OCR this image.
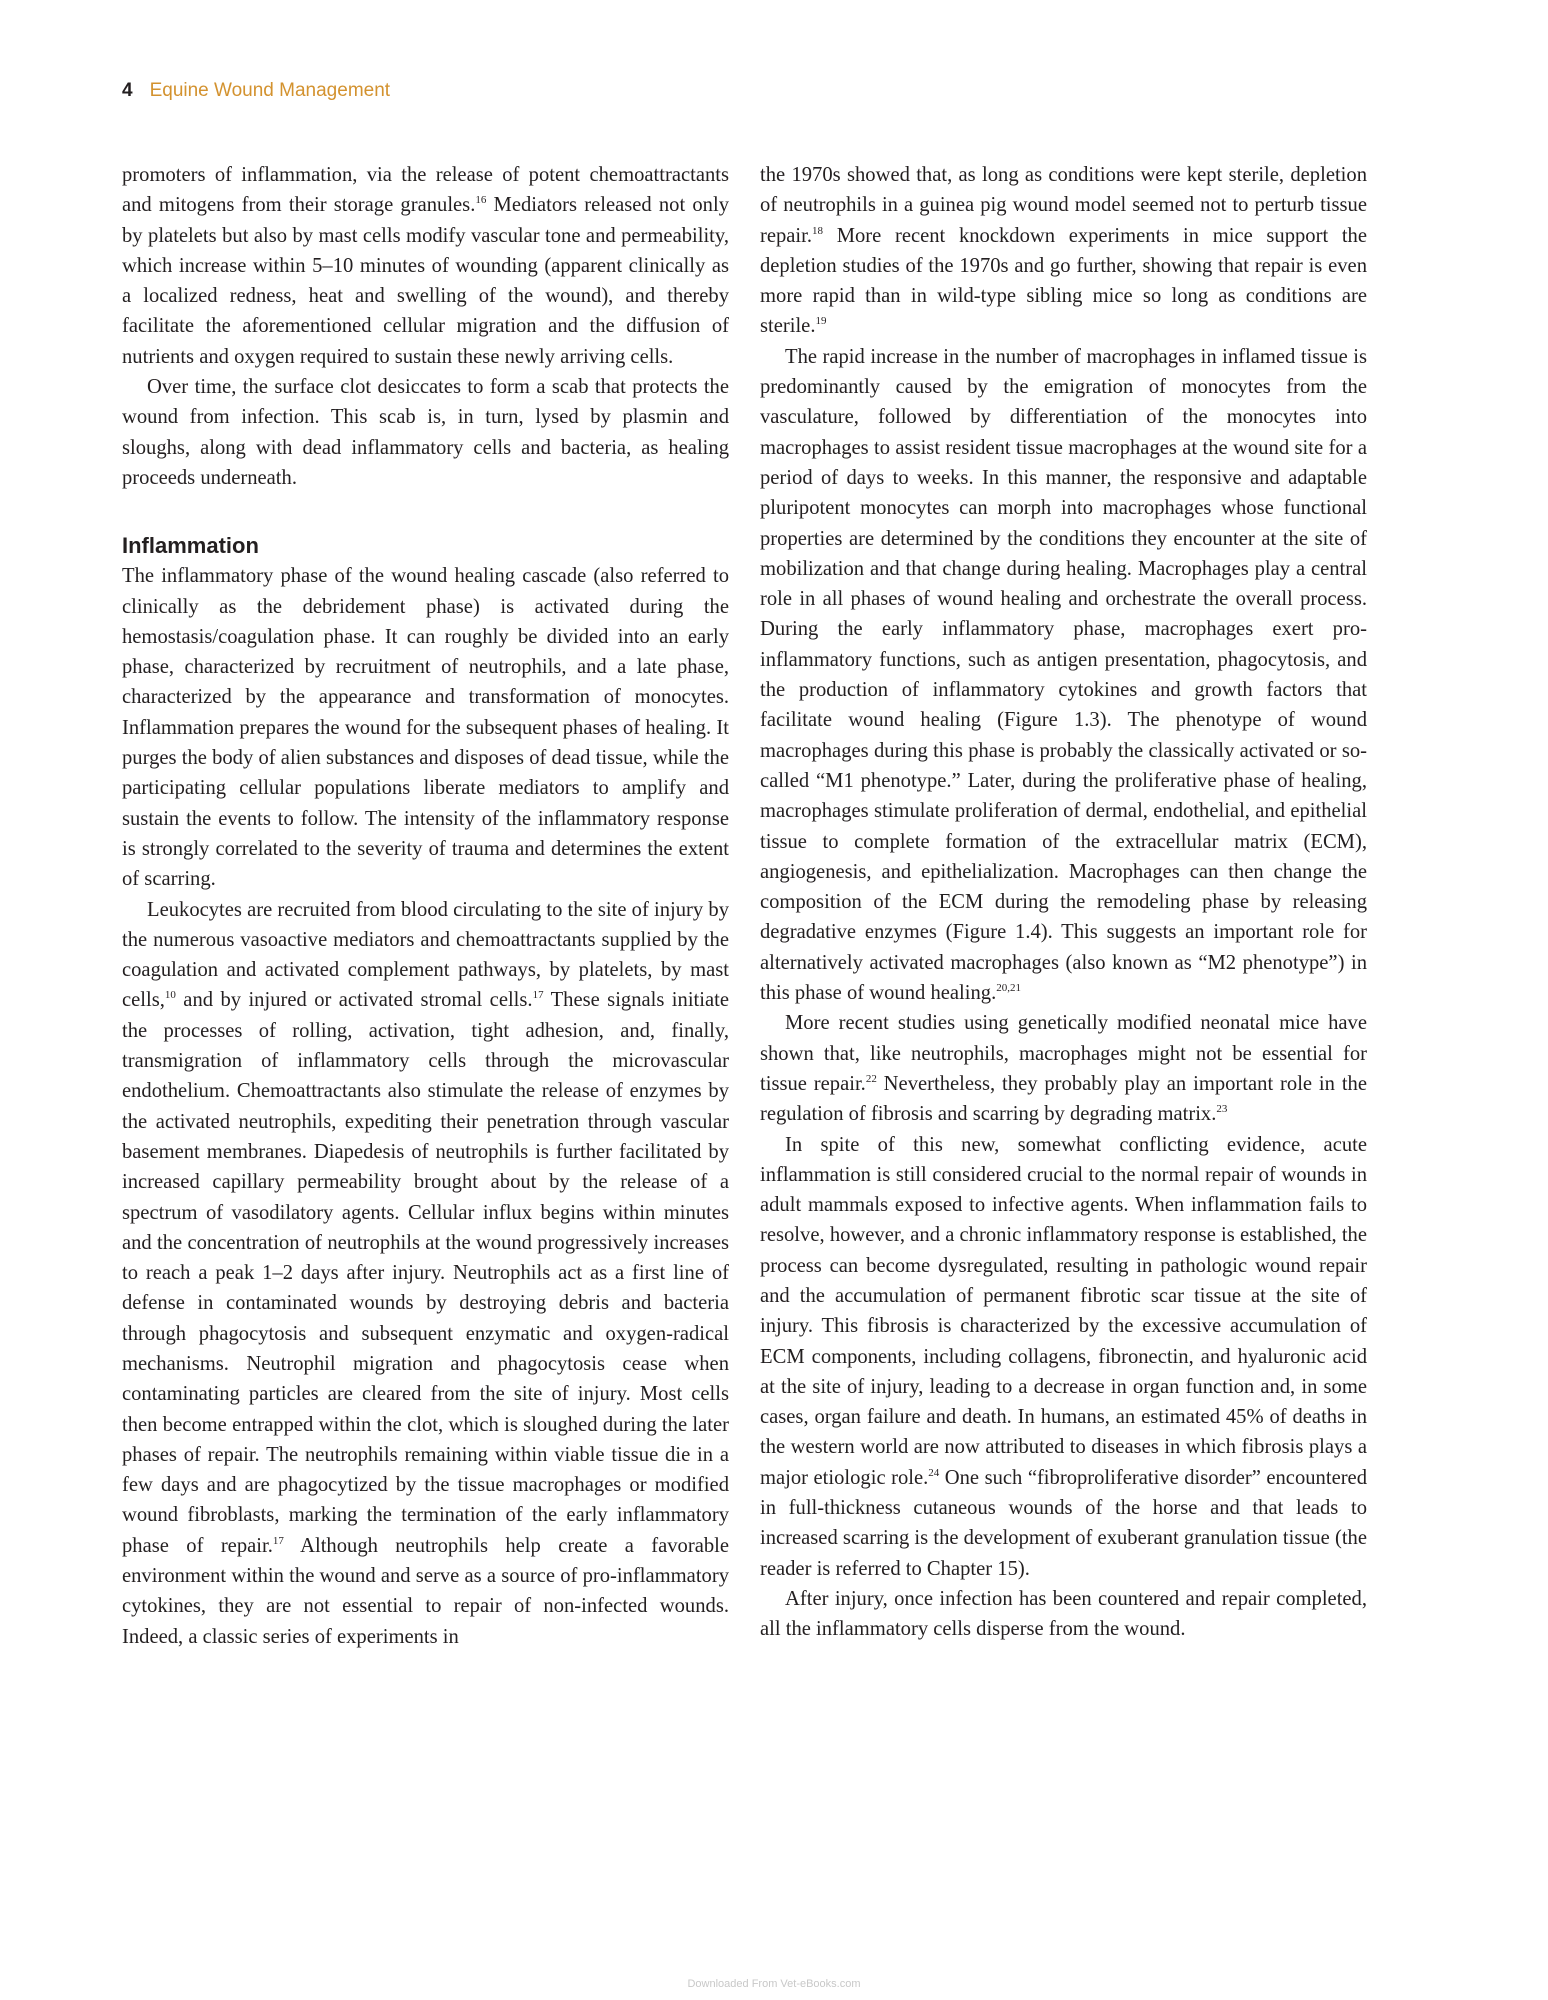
4 Equine Wound Management

promoters of inflammation, via the release of potent chemoattractants and mitogens from their storage granules.$^{16}$ Mediators released not only by platelets but also by mast cells modify vascular tone and permeability, which increase within 5–10 minutes of wounding (apparent clinically as a localized redness, heat and swelling of the wound), and thereby facilitate the aforementioned cellular migration and the diffusion of nutrients and oxygen required to sustain these newly arriving cells.

Over time, the surface clot desiccates to form a scab that protects the wound from infection. This scab is, in turn, lysed by plasmin and sloughs, along with dead inflammatory cells and bacteria, as healing proceeds underneath.

Inflammation

The inflammatory phase of the wound healing cascade (also referred to clinically as the debridement phase) is activated during the hemostasis/coagulation phase. It can roughly be divided into an early phase, characterized by recruitment of neutrophils, and a late phase, characterized by the appearance and transformation of monocytes. Inflammation prepares the wound for the subsequent phases of healing. It purges the body of alien substances and disposes of dead tissue, while the participating cellular populations liberate mediators to amplify and sustain the events to follow. The intensity of the inflammatory response is strongly correlated to the severity of trauma and determines the extent of scarring.

Leukocytes are recruited from blood circulating to the site of injury by the numerous vasoactive mediators and chemoattractants supplied by the coagulation and activated complement pathways, by platelets, by mast cells,$^{10}$ and by injured or activated stromal cells.$^{17}$ These signals initiate the processes of rolling, activation, tight adhesion, and, finally, transmigration of inflammatory cells through the microvascular endothelium. Chemoattractants also stimulate the release of enzymes by the activated neutrophils, expediting their penetration through vascular basement membranes. Diapedesis of neutrophils is further facilitated by increased capillary permeability brought about by the release of a spectrum of vasodilatory agents. Cellular influx begins within minutes and the concentration of neutrophils at the wound progressively increases to reach a peak 1–2 days after injury. Neutrophils act as a first line of defense in contaminated wounds by destroying debris and bacteria through phagocytosis and subsequent enzymatic and oxygen-radical mechanisms. Neutrophil migration and phagocytosis cease when contaminating particles are cleared from the site of injury. Most cells then become entrapped within the clot, which is sloughed during the later phases of repair. The neutrophils remaining within viable tissue die in a few days and are phagocytized by the tissue macrophages or modified wound fibroblasts, marking the termination of the early inflammatory phase of repair.$^{17}$ Although neutrophils help create a favorable environment within the wound and serve as a source of pro-inflammatory cytokines, they are not essential to repair of non-infected wounds. Indeed, a classic series of experiments in

the 1970s showed that, as long as conditions were kept sterile, depletion of neutrophils in a guinea pig wound model seemed not to perturb tissue repair.$^{18}$ More recent knockdown experiments in mice support the depletion studies of the 1970s and go further, showing that repair is even more rapid than in wild-type sibling mice so long as conditions are sterile.$^{19}$

The rapid increase in the number of macrophages in inflamed tissue is predominantly caused by the emigration of monocytes from the vasculature, followed by differentiation of the monocytes into macrophages to assist resident tissue macrophages at the wound site for a period of days to weeks. In this manner, the responsive and adaptable pluripotent monocytes can morph into macrophages whose functional properties are determined by the conditions they encounter at the site of mobilization and that change during healing. Macrophages play a central role in all phases of wound healing and orchestrate the overall process. During the early inflammatory phase, macrophages exert pro-inflammatory functions, such as antigen presentation, phagocytosis, and the production of inflammatory cytokines and growth factors that facilitate wound healing (Figure 1.3). The phenotype of wound macrophages during this phase is probably the classically activated or so-called “M1 phenotype.” Later, during the proliferative phase of healing, macrophages stimulate proliferation of dermal, endothelial, and epithelial tissue to complete formation of the extracellular matrix (ECM), angiogenesis, and epithelialization. Macrophages can then change the composition of the ECM during the remodeling phase by releasing degradative enzymes (Figure 1.4). This suggests an important role for alternatively activated macrophages (also known as “M2 phenotype”) in this phase of wound healing.$^{20,21}$

More recent studies using genetically modified neonatal mice have shown that, like neutrophils, macrophages might not be essential for tissue repair.$^{22}$ Nevertheless, they probably play an important role in the regulation of fibrosis and scarring by degrading matrix.$^{23}$

In spite of this new, somewhat conflicting evidence, acute inflammation is still considered crucial to the normal repair of wounds in adult mammals exposed to infective agents. When inflammation fails to resolve, however, and a chronic inflammatory response is established, the process can become dysregulated, resulting in pathologic wound repair and the accumulation of permanent fibrotic scar tissue at the site of injury. This fibrosis is characterized by the excessive accumulation of ECM components, including collagens, fibronectin, and hyaluronic acid at the site of injury, leading to a decrease in organ function and, in some cases, organ failure and death. In humans, an estimated 45% of deaths in the western world are now attributed to diseases in which fibrosis plays a major etiologic role.$^{24}$ One such “fibroproliferative disorder” encountered in full-thickness cutaneous wounds of the horse and that leads to increased scarring is the development of exuberant granulation tissue (the reader is referred to Chapter 15).

After injury, once infection has been countered and repair completed, all the inflammatory cells disperse from the wound.

Downloaded From Vet-eBooks.com
